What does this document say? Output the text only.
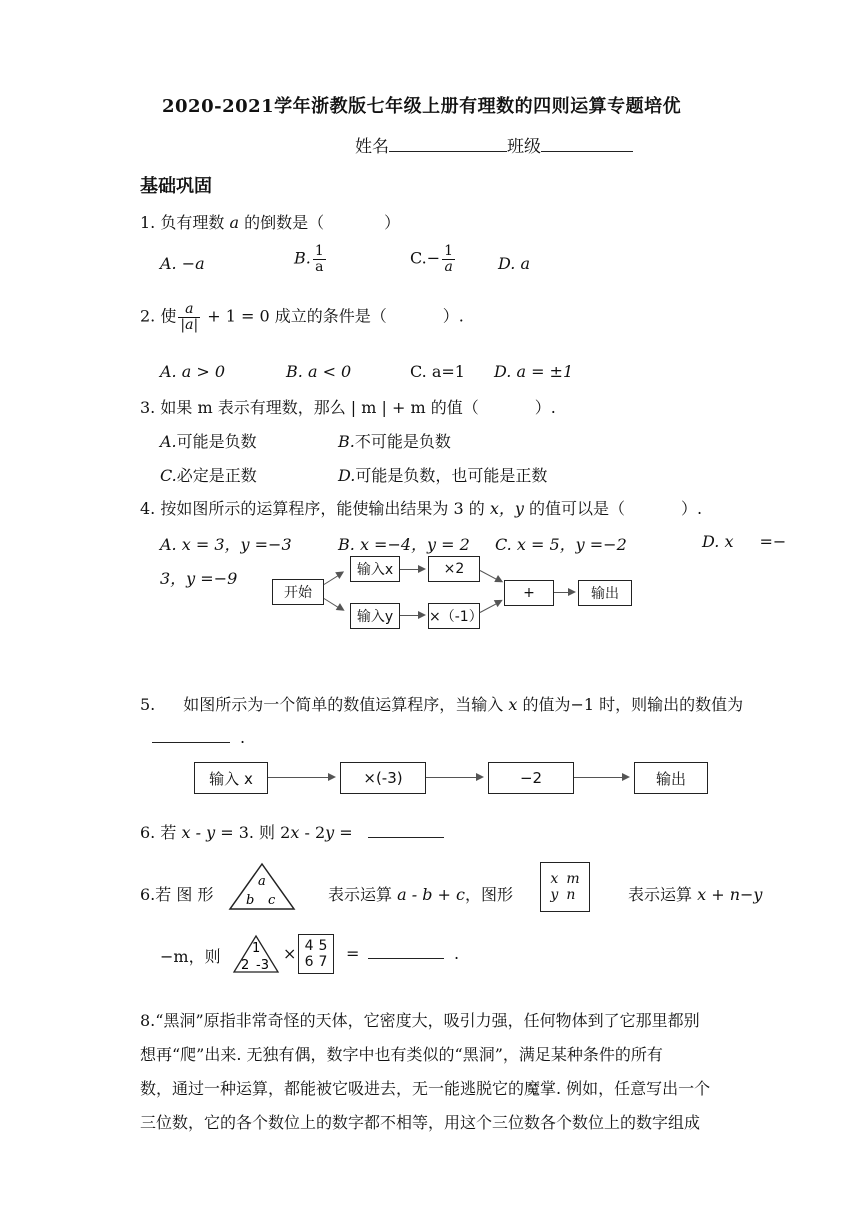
2020-2021学年浙教版七年级上册有理数的四则运算专题培优
姓名	班级
基础巩固
1. 负有理数 a 的倒数是（	）
A. −a	B. $\frac{1}{a}$	$C.- \frac{1}{a}$	D. a
2. 使 $\frac{a}{|a|} + 1 = 0$ 成立的条件是（	）.
A. a > 0	B. a < 0	C. a=1 D. a = ±1
3. 如果 m 表示有理数，那么 | m | + m 的值（	）.
A.可能是负数	B.不可能是负数
C.必定是正数	D.可能是负数，也可能是正数
4. 按如图所示的运算程序，能使输出结果为 3 的 x，y 的值可以是（	）.
A. x = 3，y =−3	B. x =−4，y = 2 C. x = 5，y =−2	D. x =−
3，y =−9
开始
输入x	×2
输入y	×（-1）
+	输出
5. 如图所示为一个简单的数值运算程序，当输入 x 的值为−1 时，则输出的数值为
.
输入 x	×(-3)	−2	输出
6. 若 x - y = 3. 则 2x - 2y =
6.若 图 形
a
b c	表示运算 a - b + c，图形
x m
y n	表示运算 x + n−y
−m，则 1
2 -3
× 4 5
6 7 =	.
8.“黑洞”原指非常奇怪的天体，它密度大，吸引力强，任何物体到了它那里都别
想再“爬”出来. 无独有偶，数字中也有类似的“黑洞”，满足某种条件的所有
数，通过一种运算，都能被它吸进去，无一能逃脱它的魔掌. 例如，任意写出一个
三位数，它的各个数位上的数字都不相等，用这个三位数各个数位上的数字组成
